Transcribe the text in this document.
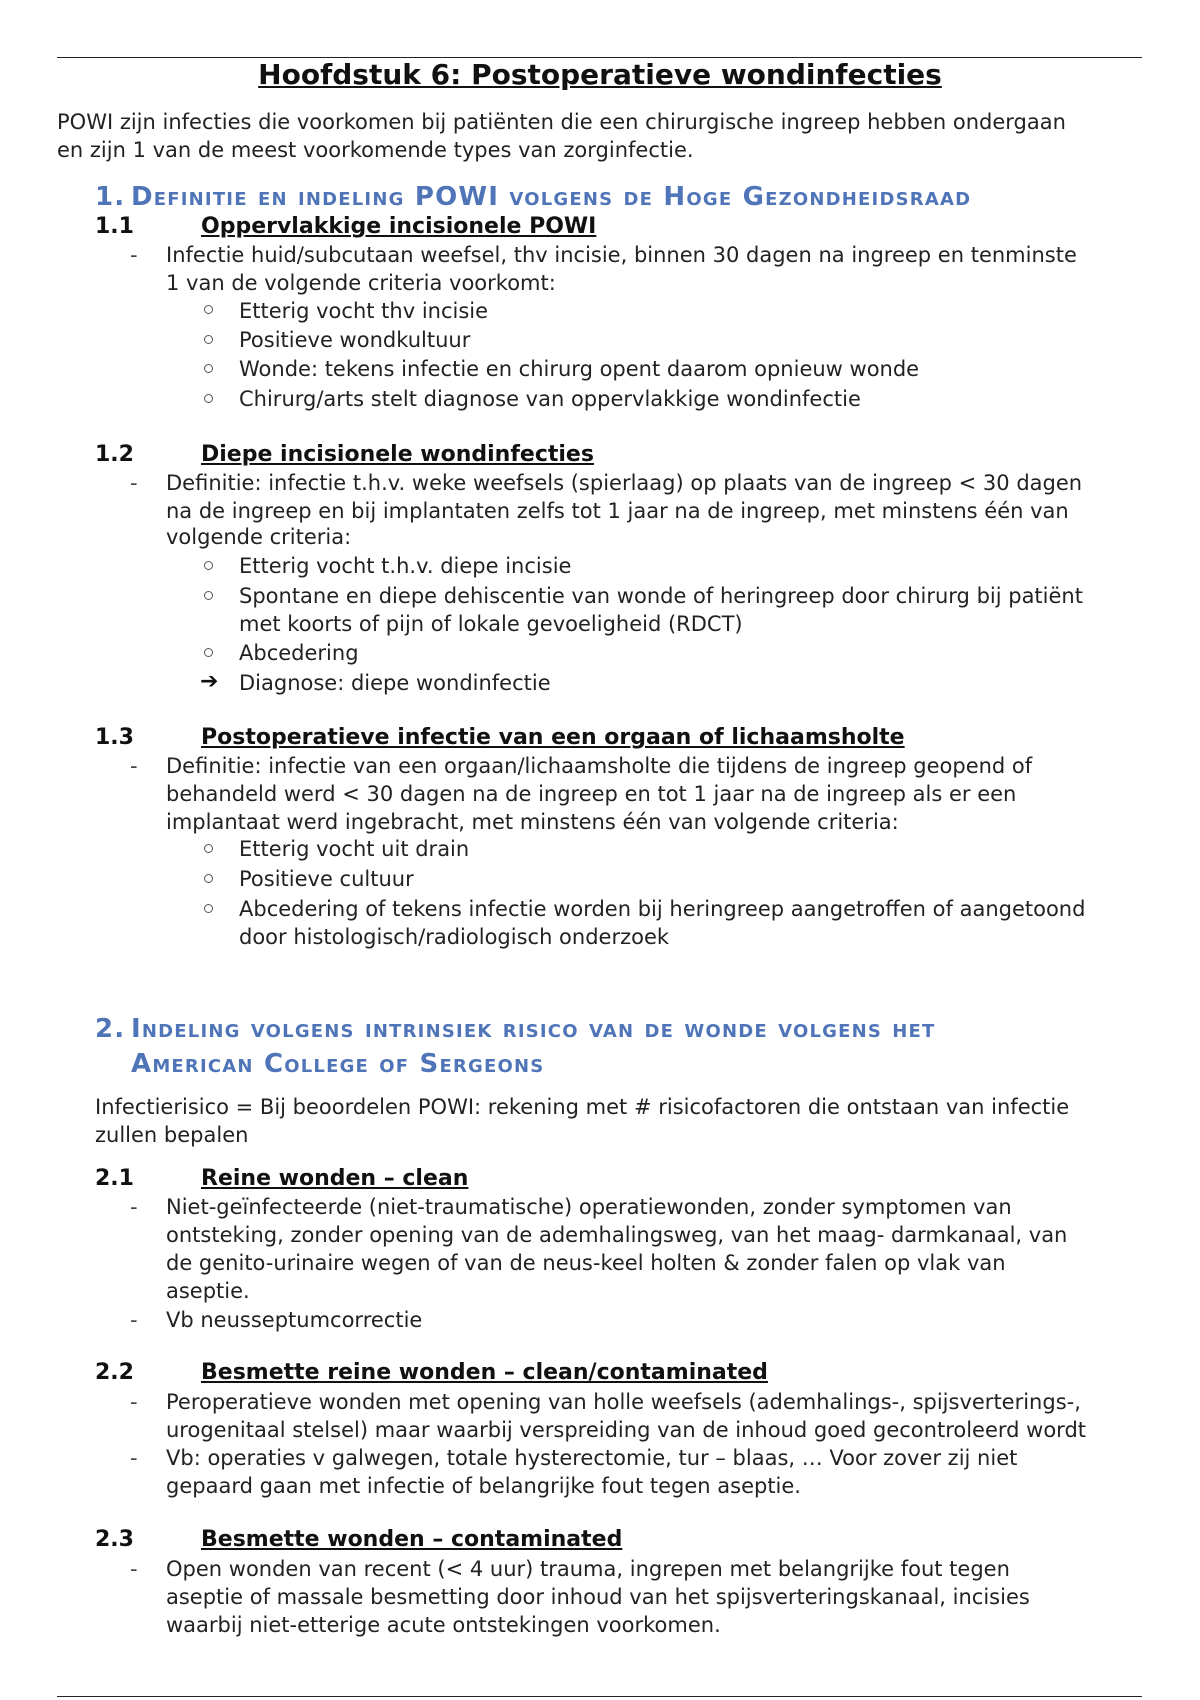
Hoofdstuk 6: Postoperatieve wondinfecties
POWI zijn infecties die voorkomen bij patiënten die een chirurgische ingreep hebben ondergaan
en zijn 1 van de meest voorkomende types van zorginfectie.
1. Definitie en indeling POWI volgens de Hoge Gezondheidsraad
1.1	Oppervlakkige incisionele POWI
- Infectie huid/subcutaan weefsel, thv incisie, binnen 30 dagen na ingreep en tenminste
1 van de volgende criteria voorkomt:
Etterig vocht thv incisie
Positieve wondkultuur
Wonde: tekens infectie en chirurg opent daarom opnieuw wonde
Chirurg/arts stelt diagnose van oppervlakkige wondinfectie
1.2	Diepe incisionele wondinfecties
- Definitie: infectie t.h.v. weke weefsels (spierlaag) op plaats van de ingreep < 30 dagen
na de ingreep en bij implantaten zelfs tot 1 jaar na de ingreep, met minstens één van
volgende criteria:
Etterig vocht t.h.v. diepe incisie
Spontane en diepe dehiscentie van wonde of heringreep door chirurg bij patiënt
met koorts of pijn of lokale gevoeligheid (RDCT)
Abcedering
➔ Diagnose: diepe wondinfectie
1.3	Postoperatieve infectie van een orgaan of lichaamsholte
- Definitie: infectie van een orgaan/lichaamsholte die tijdens de ingreep geopend of
behandeld werd < 30 dagen na de ingreep en tot 1 jaar na de ingreep als er een
implantaat werd ingebracht, met minstens één van volgende criteria:
Etterig vocht uit drain
Positieve cultuur
Abcedering of tekens infectie worden bij heringreep aangetroffen of aangetoond
door histologisch/radiologisch onderzoek
2. Indeling volgens intrinsiek risico van de wonde volgens het
American College of Sergeons
Infectierisico = Bij beoordelen POWI: rekening met # risicofactoren die ontstaan van infectie
zullen bepalen
2.1	Reine wonden – clean
- Niet-geïnfecteerde (niet-traumatische) operatiewonden, zonder symptomen van
ontsteking, zonder opening van de ademhalingsweg, van het maag- darmkanaal, van
de genito-urinaire wegen of van de neus-keel holten & zonder falen op vlak van
aseptie.
- Vb neusseptumcorrectie
2.2	Besmette reine wonden – clean/contaminated
- Peroperatieve wonden met opening van holle weefsels (ademhalings-, spijsverterings-,
urogenitaal stelsel) maar waarbij verspreiding van de inhoud goed gecontroleerd wordt
- Vb: operaties v galwegen, totale hysterectomie, tur – blaas, … Voor zover zij niet
gepaard gaan met infectie of belangrijke fout tegen aseptie.
2.3	Besmette wonden – contaminated
- Open wonden van recent (< 4 uur) trauma, ingrepen met belangrijke fout tegen
aseptie of massale besmetting door inhoud van het spijsverteringskanaal, incisies
waarbij niet-etterige acute ontstekingen voorkomen.
